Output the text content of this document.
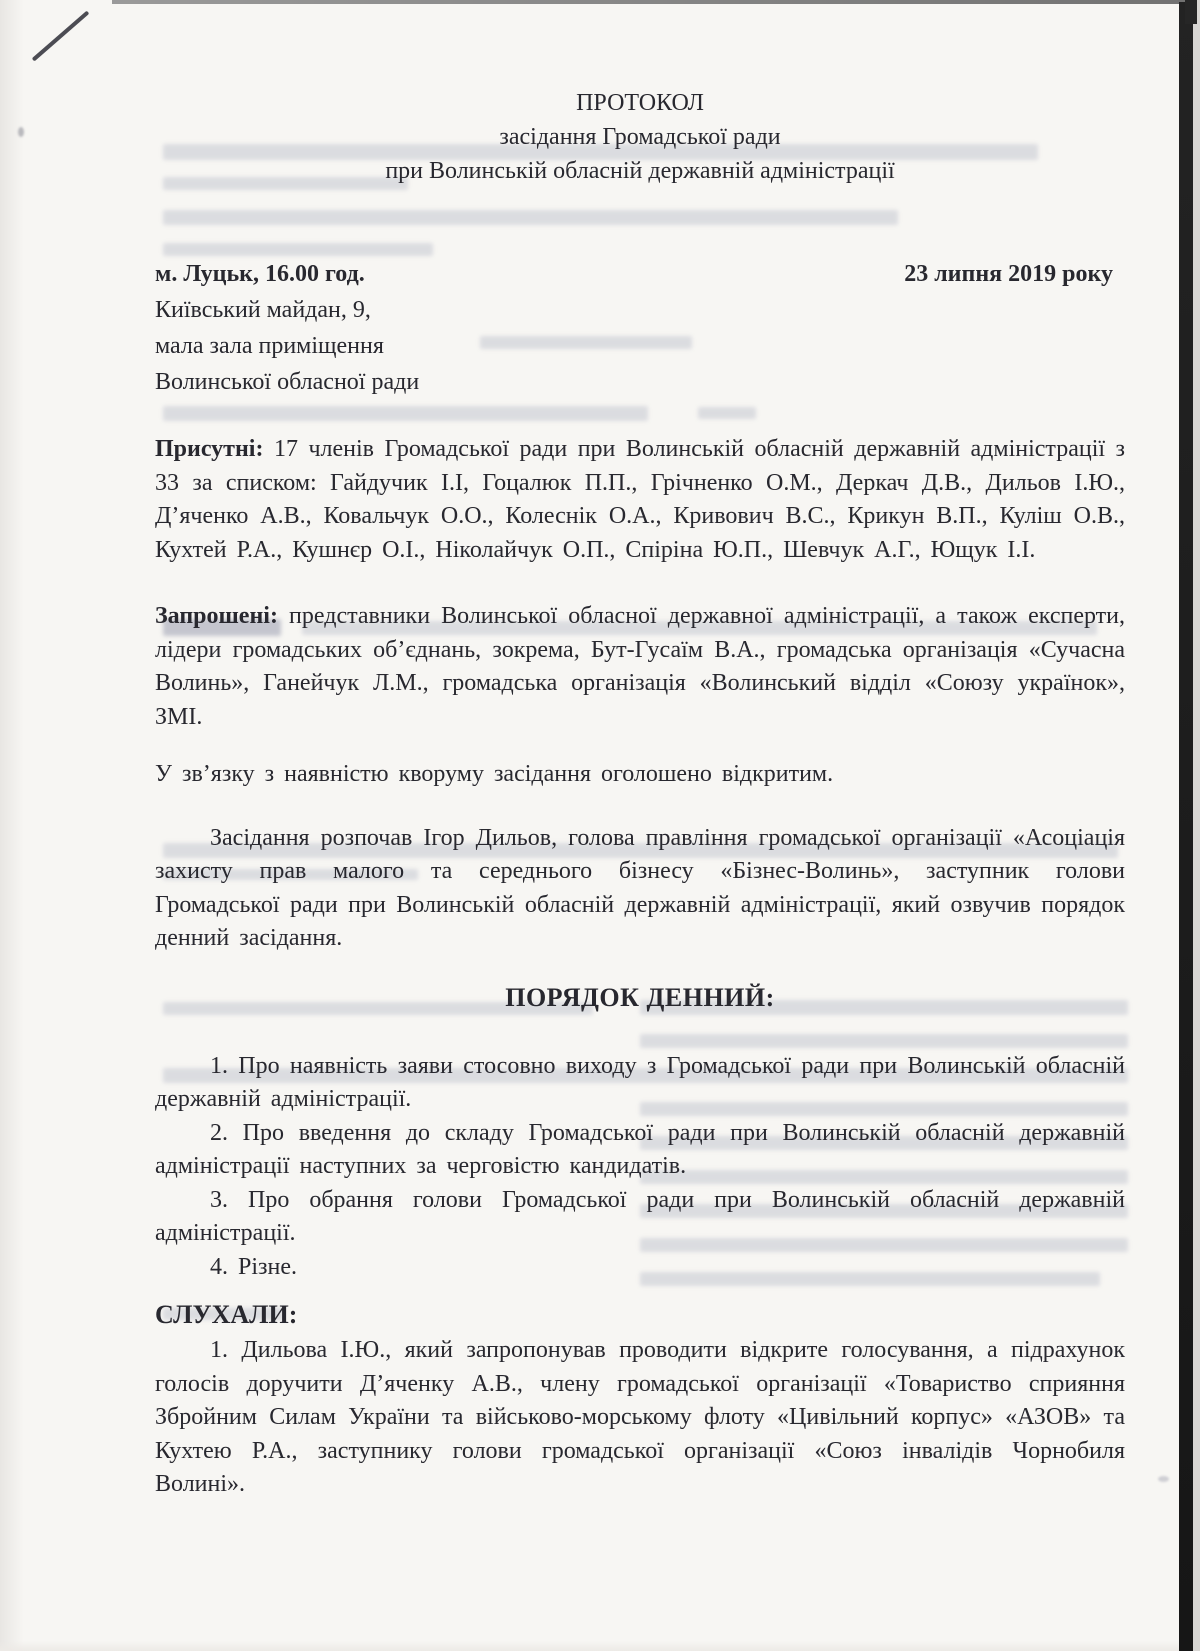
ПРОТОКОЛ
засідання Громадської ради
при Волинській обласній державній адміністрації
м. Луцьк, 16.00 год.	23 липня 2019 року
Київський майдан, 9,
мала зала приміщення
Волинської обласної ради

Присутні: 17 членів Громадської ради при Волинській обласній державній адміністрації з 33 за списком: Гайдучик І.І, Гоцалюк П.П., Грічненко О.М., Деркач Д.В., Дильов І.Ю., Д’яченко А.В., Ковальчук О.О., Колеснік О.А., Кривович В.С., Крикун В.П., Куліш О.В., Кухтей Р.А., Кушнєр О.І., Ніколайчук О.П., Спіріна Ю.П., Шевчук А.Г., Ющук І.І.

Запрошені: представники Волинської обласної державної адміністрації, а також експерти, лідери громадських об’єднань, зокрема, Бут-Гусаїм В.А., громадська організація «Сучасна Волинь», Ганейчук Л.М., громадська організація «Волинський відділ «Союзу українок», ЗМІ.

У зв’язку з наявністю кворуму засідання оголошено відкритим.

Засідання розпочав Ігор Дильов, голова правління громадської організації «Асоціація захисту прав малого та середнього бізнесу «Бізнес-Волинь», заступник голови Громадської ради при Волинській обласній державній адміністрації, який озвучив порядок денний засідання.

ПОРЯДОК ДЕННИЙ:

1. Про наявність заяви стосовно виходу з Громадської ради при Волинській обласній державній адміністрації.

2. Про введення до складу Громадської ради при Волинській обласній державній адміністрації наступних за черговістю кандидатів.

3. Про обрання голови Громадської ради при Волинській обласній державній адміністрації.

4. Різне.

СЛУХАЛИ:

1. Дильова І.Ю., який запропонував проводити відкрите голосування, а підрахунок голосів доручити Д’яченку А.В., члену громадської організації «Товариство сприяння Збройним Силам України та військово-морському флоту «Цивільний корпус» «АЗОВ» та Кухтею Р.А., заступнику голови громадської організації «Союз інвалідів Чорнобиля Волині».
